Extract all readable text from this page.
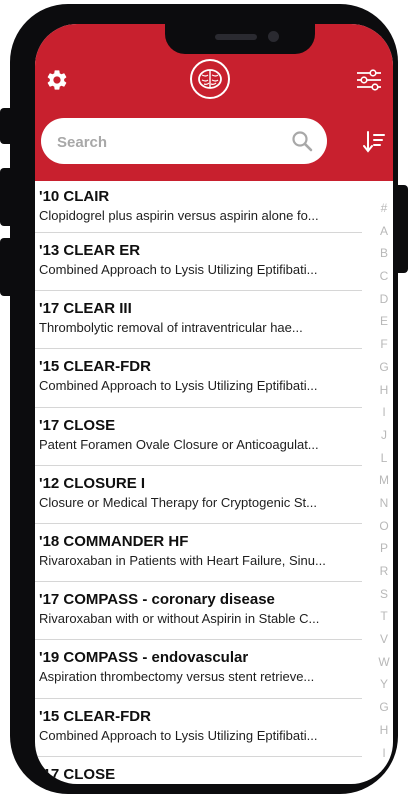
Search
'10 CLAIR
Clopidogrel plus aspirin versus aspirin alone fo...
'13 CLEAR ER
Combined Approach to Lysis Utilizing Eptifibati...
'17 CLEAR III
Thrombolytic removal of intraventricular hae...
'15 CLEAR-FDR
Combined Approach to Lysis Utilizing Eptifibati...
'17 CLOSE
Patent Foramen Ovale Closure or Anticoagulat...
'12 CLOSURE I
Closure or Medical Therapy for Cryptogenic St...
'18 COMMANDER HF
Rivaroxaban in Patients with Heart Failure, Sinu...
'17 COMPASS - coronary disease
Rivaroxaban with or without Aspirin in Stable C...
'19 COMPASS - endovascular
Aspiration thrombectomy versus stent retrieve...
'15 CLEAR-FDR
Combined Approach to Lysis Utilizing Eptifibati...
'17 CLOSE
#
A
B
C
D
E
F
G
H
I
J
L
M
N
O
P
R
S
T
V
W
Y
G
H
I
